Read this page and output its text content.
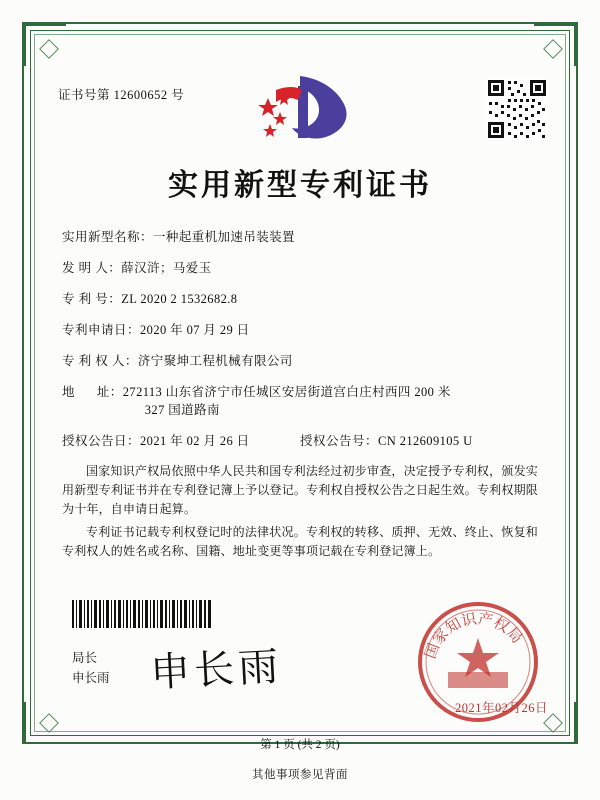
证书号第 12600652 号
实用新型专利证书
实用新型名称： 一种起重机加速吊装装置
发 明 人： 薛汉浒；马爱玉
专 利 号： ZL 2020 2 1532682.8
专利申请日： 2020 年 07 月 29 日
专 利 权 人： 济宁聚坤工程机械有限公司
地      址： 272113 山东省济宁市任城区安居街道宫白庄村西四 200 米
327 国道路南
授权公告日： 2021 年 02 月 26 日	授权公告号： CN 212609105 U

国家知识产权局依照中华人民共和国专利法经过初步审查，决定授予专利权，颁发实用新型专利证书并在专利登记簿上予以登记。专利权自授权公告之日起生效。专利权期限为十年，自申请日起算。

专利证书记载专利权登记时的法律状况。专利权的转移、质押、无效、终止、恢复和专利权人的姓名或名称、国籍、地址变更等事项记载在专利登记簿上。

局长
申长雨 申长雨	国家知识产权局
2021年02月26日
第 1 页 (共 2 页)
其他事项参见背面
